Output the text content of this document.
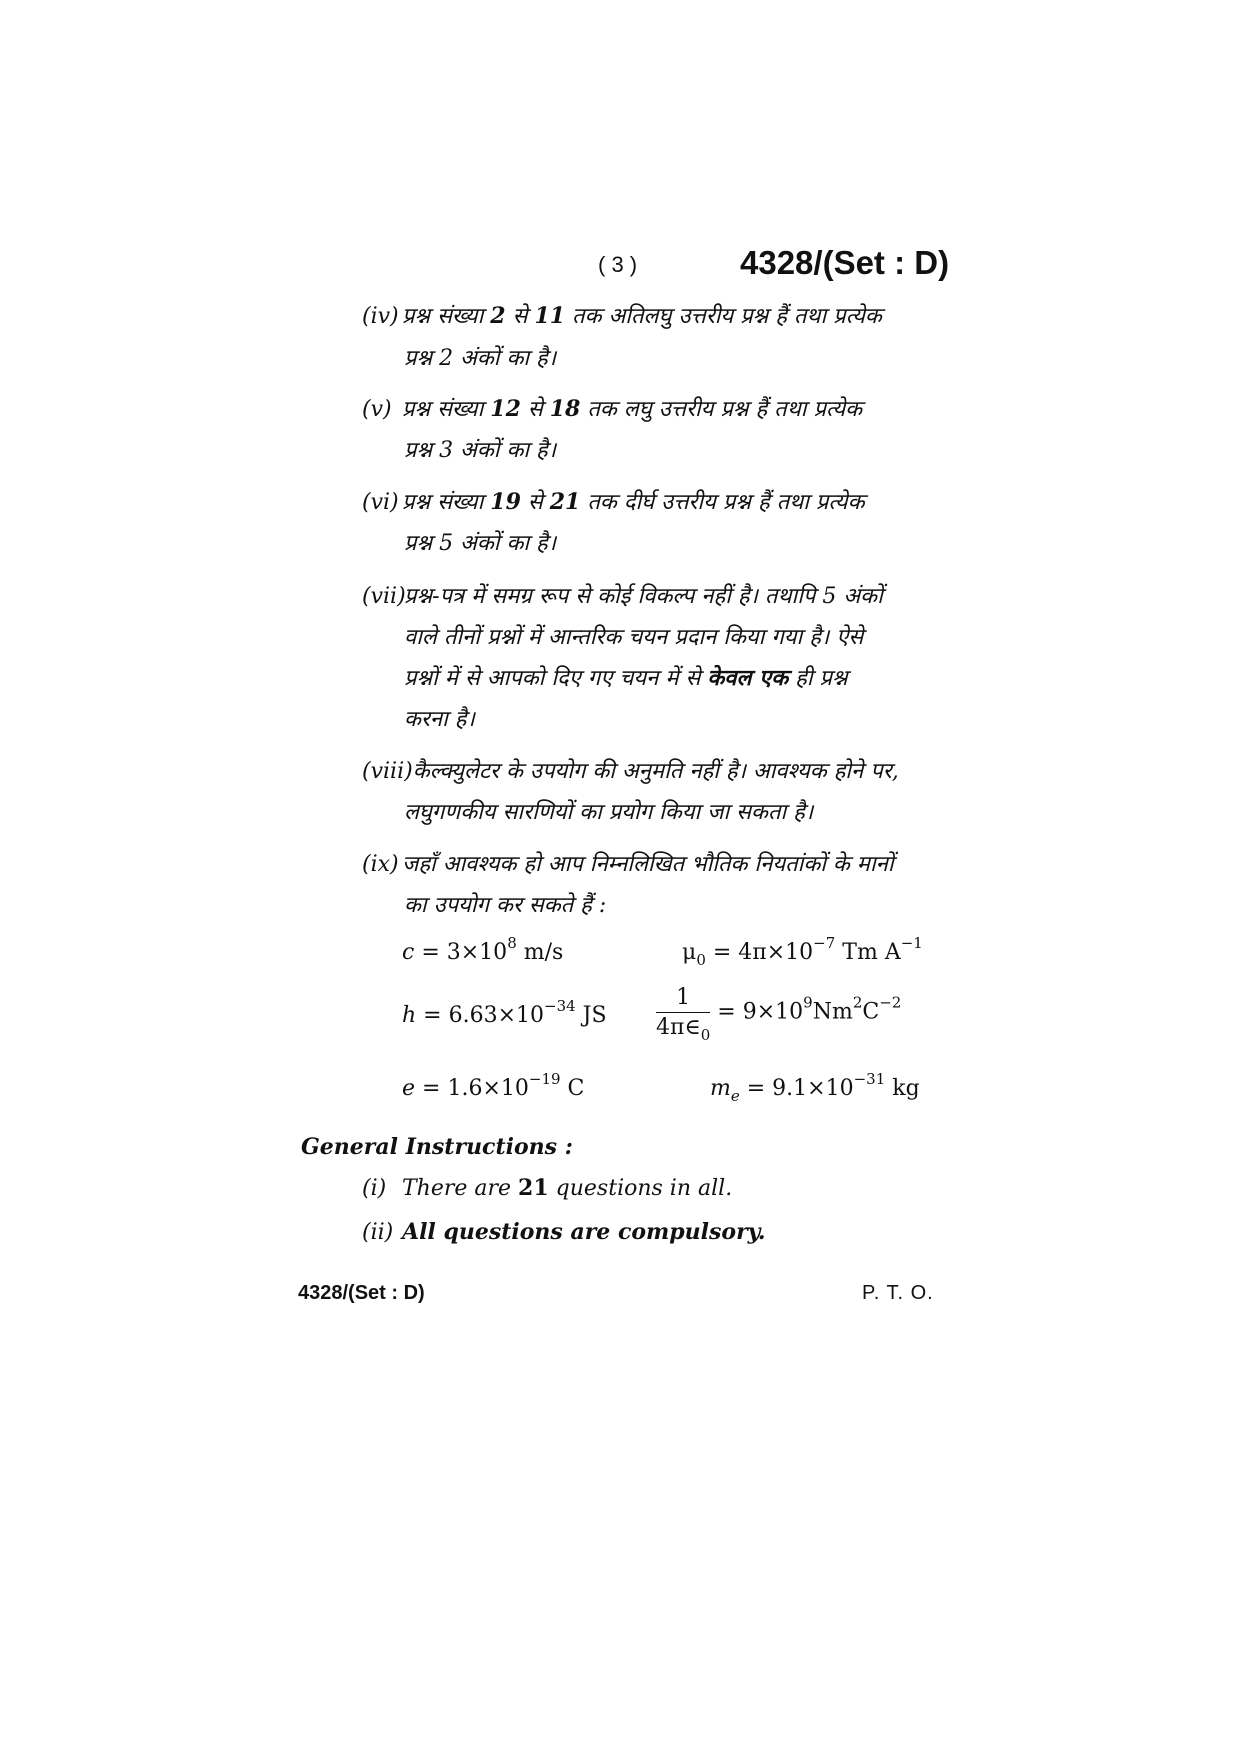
( 3 )	4328/(Set : D)
(iv) प्रश्न संख्या 2 से 11 तक अतिलघु उत्तरीय प्रश्न हैं तथा प्रत्येक
प्रश्न 2 अंकों का है।
(v) प्रश्न संख्या 12 से 18 तक लघु उत्तरीय प्रश्न हैं तथा प्रत्येक
प्रश्न 3 अंकों का है।
(vi) प्रश्न संख्या 19 से 21 तक दीर्घ उत्तरीय प्रश्न हैं तथा प्रत्येक
प्रश्न 5 अंकों का है।
(vii)प्रश्न-पत्र में समग्र रूप से कोई विकल्प नहीं है। तथापि 5 अंकों
वाले तीनों प्रश्नों में आन्तरिक चयन प्रदान किया गया है। ऐसे
प्रश्नों में से आपको दिए गए चयन में से केवल एक ही प्रश्न
करना है।
(viii)कैल्क्युलेटर के उपयोग की अनुमति नहीं है। आवश्यक होने पर,
लघुगणकीय सारणियों का प्रयोग किया जा सकता है।
(ix) जहाँ आवश्यक हो आप निम्नलिखित भौतिक नियतांकों के मानों
का उपयोग कर सकते हैं :
$c = 3\times 10^8$ m/s	$\mu_0 = 4\pi\times 10^{-7}$ Tm $A^{-1}$
$h = 6.63\times 10^{-34}$ JS $\frac{1}{4\pi\in_0} = 9\times 10^9Nm^2C^{-2}$
$e = 1.6\times 10^{-19}$ C	$m_e = 9.1\times 10^{-31}$ kg
General Instructions :
(i) There are 21 questions in all.
(ii) All questions are compulsory.
4328/(Set : D)	P. T. O.
